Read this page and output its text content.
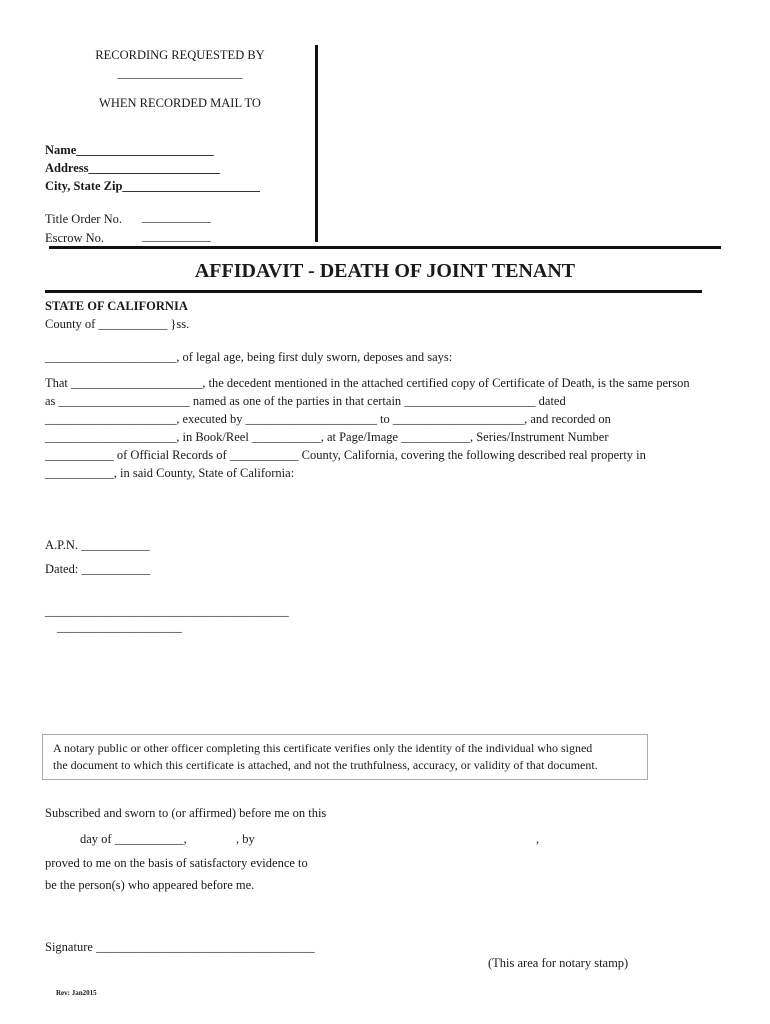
RECORDING REQUESTED BY
____________________
WHEN RECORDED MAIL TO
Name______________________
Address_____________________
City, State Zip______________________
Title Order No. ___________
Escrow No.	___________
AFFIDAVIT - DEATH OF JOINT TENANT
STATE OF CALIFORNIA
County of ___________ }ss.
_____________________, of legal age, being first duly sworn, deposes and says:
That _____________________, the decedent mentioned in the attached certified copy of Certificate of Death, is the same person
as _____________________ named as one of the parties in that certain _____________________ dated
_____________________, executed by _____________________ to _____________________, and recorded on
_____________________, in Book/Reel ___________, at Page/Image ___________, Series/Instrument Number
___________ of Official Records of ___________ County, California, covering the following described real property in
___________, in said County, State of California:
A.P.N. ___________
Dated: ___________
_______________________________________
____________________
A notary public or other officer completing this certificate verifies only the identity of the individual who signed
the document to which this certificate is attached, and not the truthfulness, accuracy, or validity of that document.
Subscribed and sworn to (or affirmed) before me on this
day of ___________,	, by	,
proved to me on the basis of satisfactory evidence to
be the person(s) who appeared before me.
Signature ___________________________________
(This area for notary stamp)
Rev: Jan2015
